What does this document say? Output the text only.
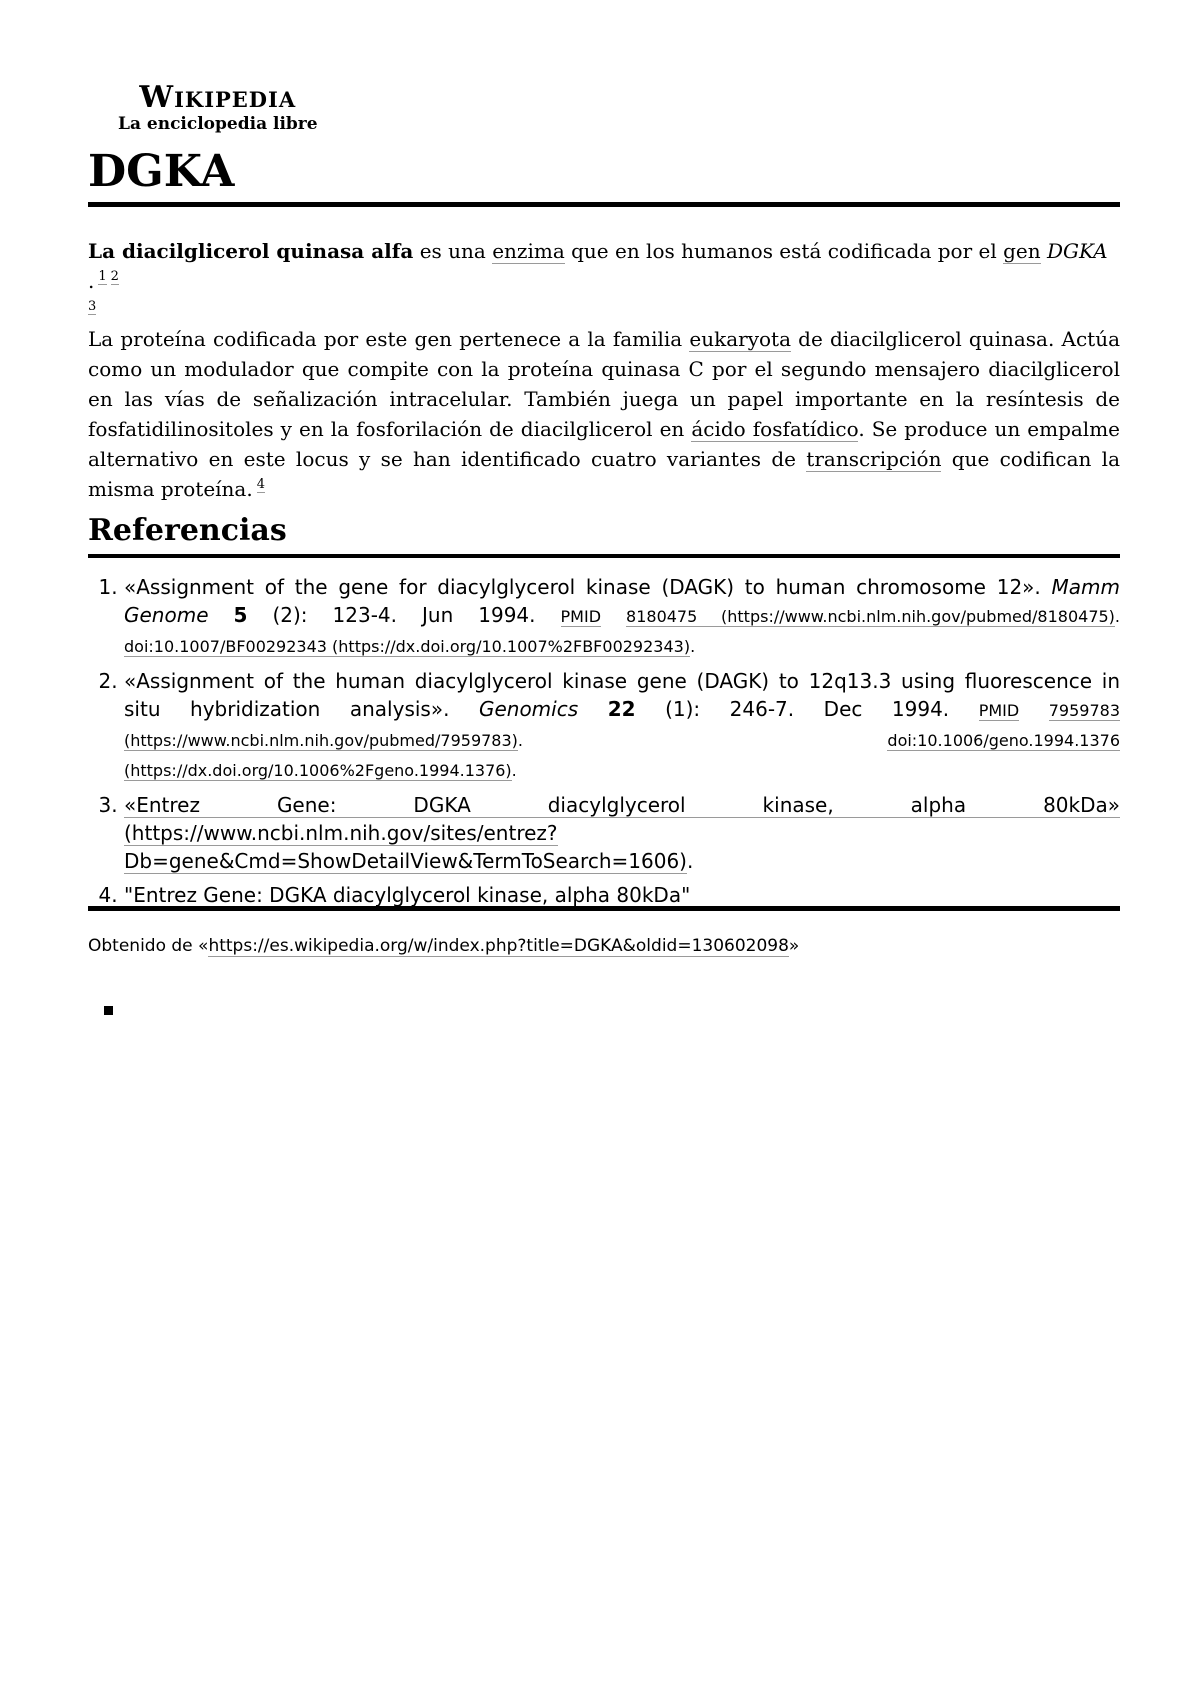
Wikipedia
La enciclopedia libre
DGKA

La diacilglicerol quinasa alfa es una enzima que en los humanos está codificada por el gen DGKA . $^1$ $^2$
$^3$

La proteína codificada por este gen pertenece a la familia eukaryota de diacilglicerol quinasa. Actúa como un modulador que compite con la proteína quinasa C por el segundo mensajero diacilglicerol en las vías de señalización intracelular. También juega un papel importante en la resíntesis de fosfatidilinositoles y en la fosforilación de diacilglicerol en ácido fosfatídico. Se produce un empalme alternativo en este locus y se han identificado cuatro variantes de transcripción que codifican la misma proteína. $^4$

Referencias
1. «Assignment of the gene for diacylglycerol kinase (DAGK) to human chromosome 12». Mamm Genome 5 (2): 123-4. Jun 1994. PMID 8180475 (https://www.ncbi.nlm.nih.gov/pubmed/8180475). doi:10.1007/BF00292343 (https://dx.doi.org/10.1007%2FBF00292343).
2. «Assignment of the human diacylglycerol kinase gene (DAGK) to 12q13.3 using fluorescence in situ hybridization analysis». Genomics 22 (1): 246-7. Dec 1994. PMID 7959783 (https://www.ncbi.nlm.nih.gov/pubmed/7959783). doi:10.1006/geno.1994.1376 (https://dx.doi.org/10.1006%2Fgeno.1994.1376).
3. «Entrez Gene: DGKA diacylglycerol kinase, alpha 80kDa» (https://www.ncbi.nlm.nih.gov/sites/entrez?Db=gene&Cmd=ShowDetailView&TermToSearch=1606).
4. "Entrez Gene: DGKA diacylglycerol kinase, alpha 80kDa"
Obtenido de «https://es.wikipedia.org/w/index.php?title=DGKA&oldid=130602098»
